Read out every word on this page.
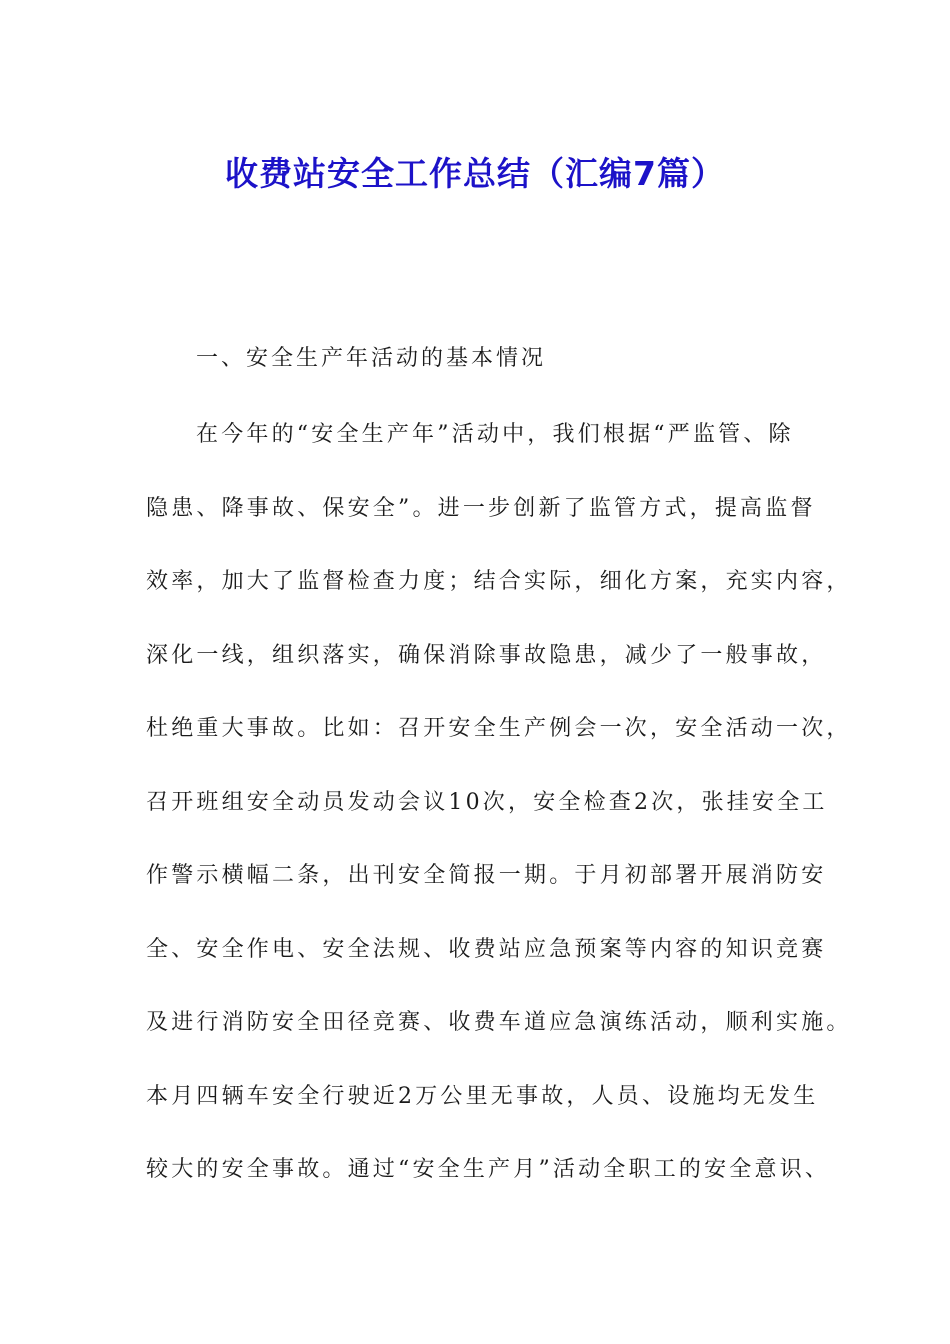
收费站安全工作总结（汇编7篇）
一、安全生产年活动的基本情况
在今年的“安全生产年”活动中，我们根据“严监管、除
隐患、降事故、保安全”。进一步创新了监管方式，提高监督
效率，加大了监督检查力度；结合实际，细化方案，充实内容，
深化一线，组织落实，确保消除事故隐患，减少了一般事故，
杜绝重大事故。比如：召开安全生产例会一次，安全活动一次，
召开班组安全动员发动会议10次，安全检查2次，张挂安全工
作警示横幅二条，出刊安全简报一期。于月初部署开展消防安
全、安全作电、安全法规、收费站应急预案等内容的知识竞赛
及进行消防安全田径竞赛、收费车道应急演练活动，顺利实施。
本月四辆车安全行驶近2万公里无事故，人员、设施均无发生
较大的安全事故。通过“安全生产月”活动全职工的安全意识、
